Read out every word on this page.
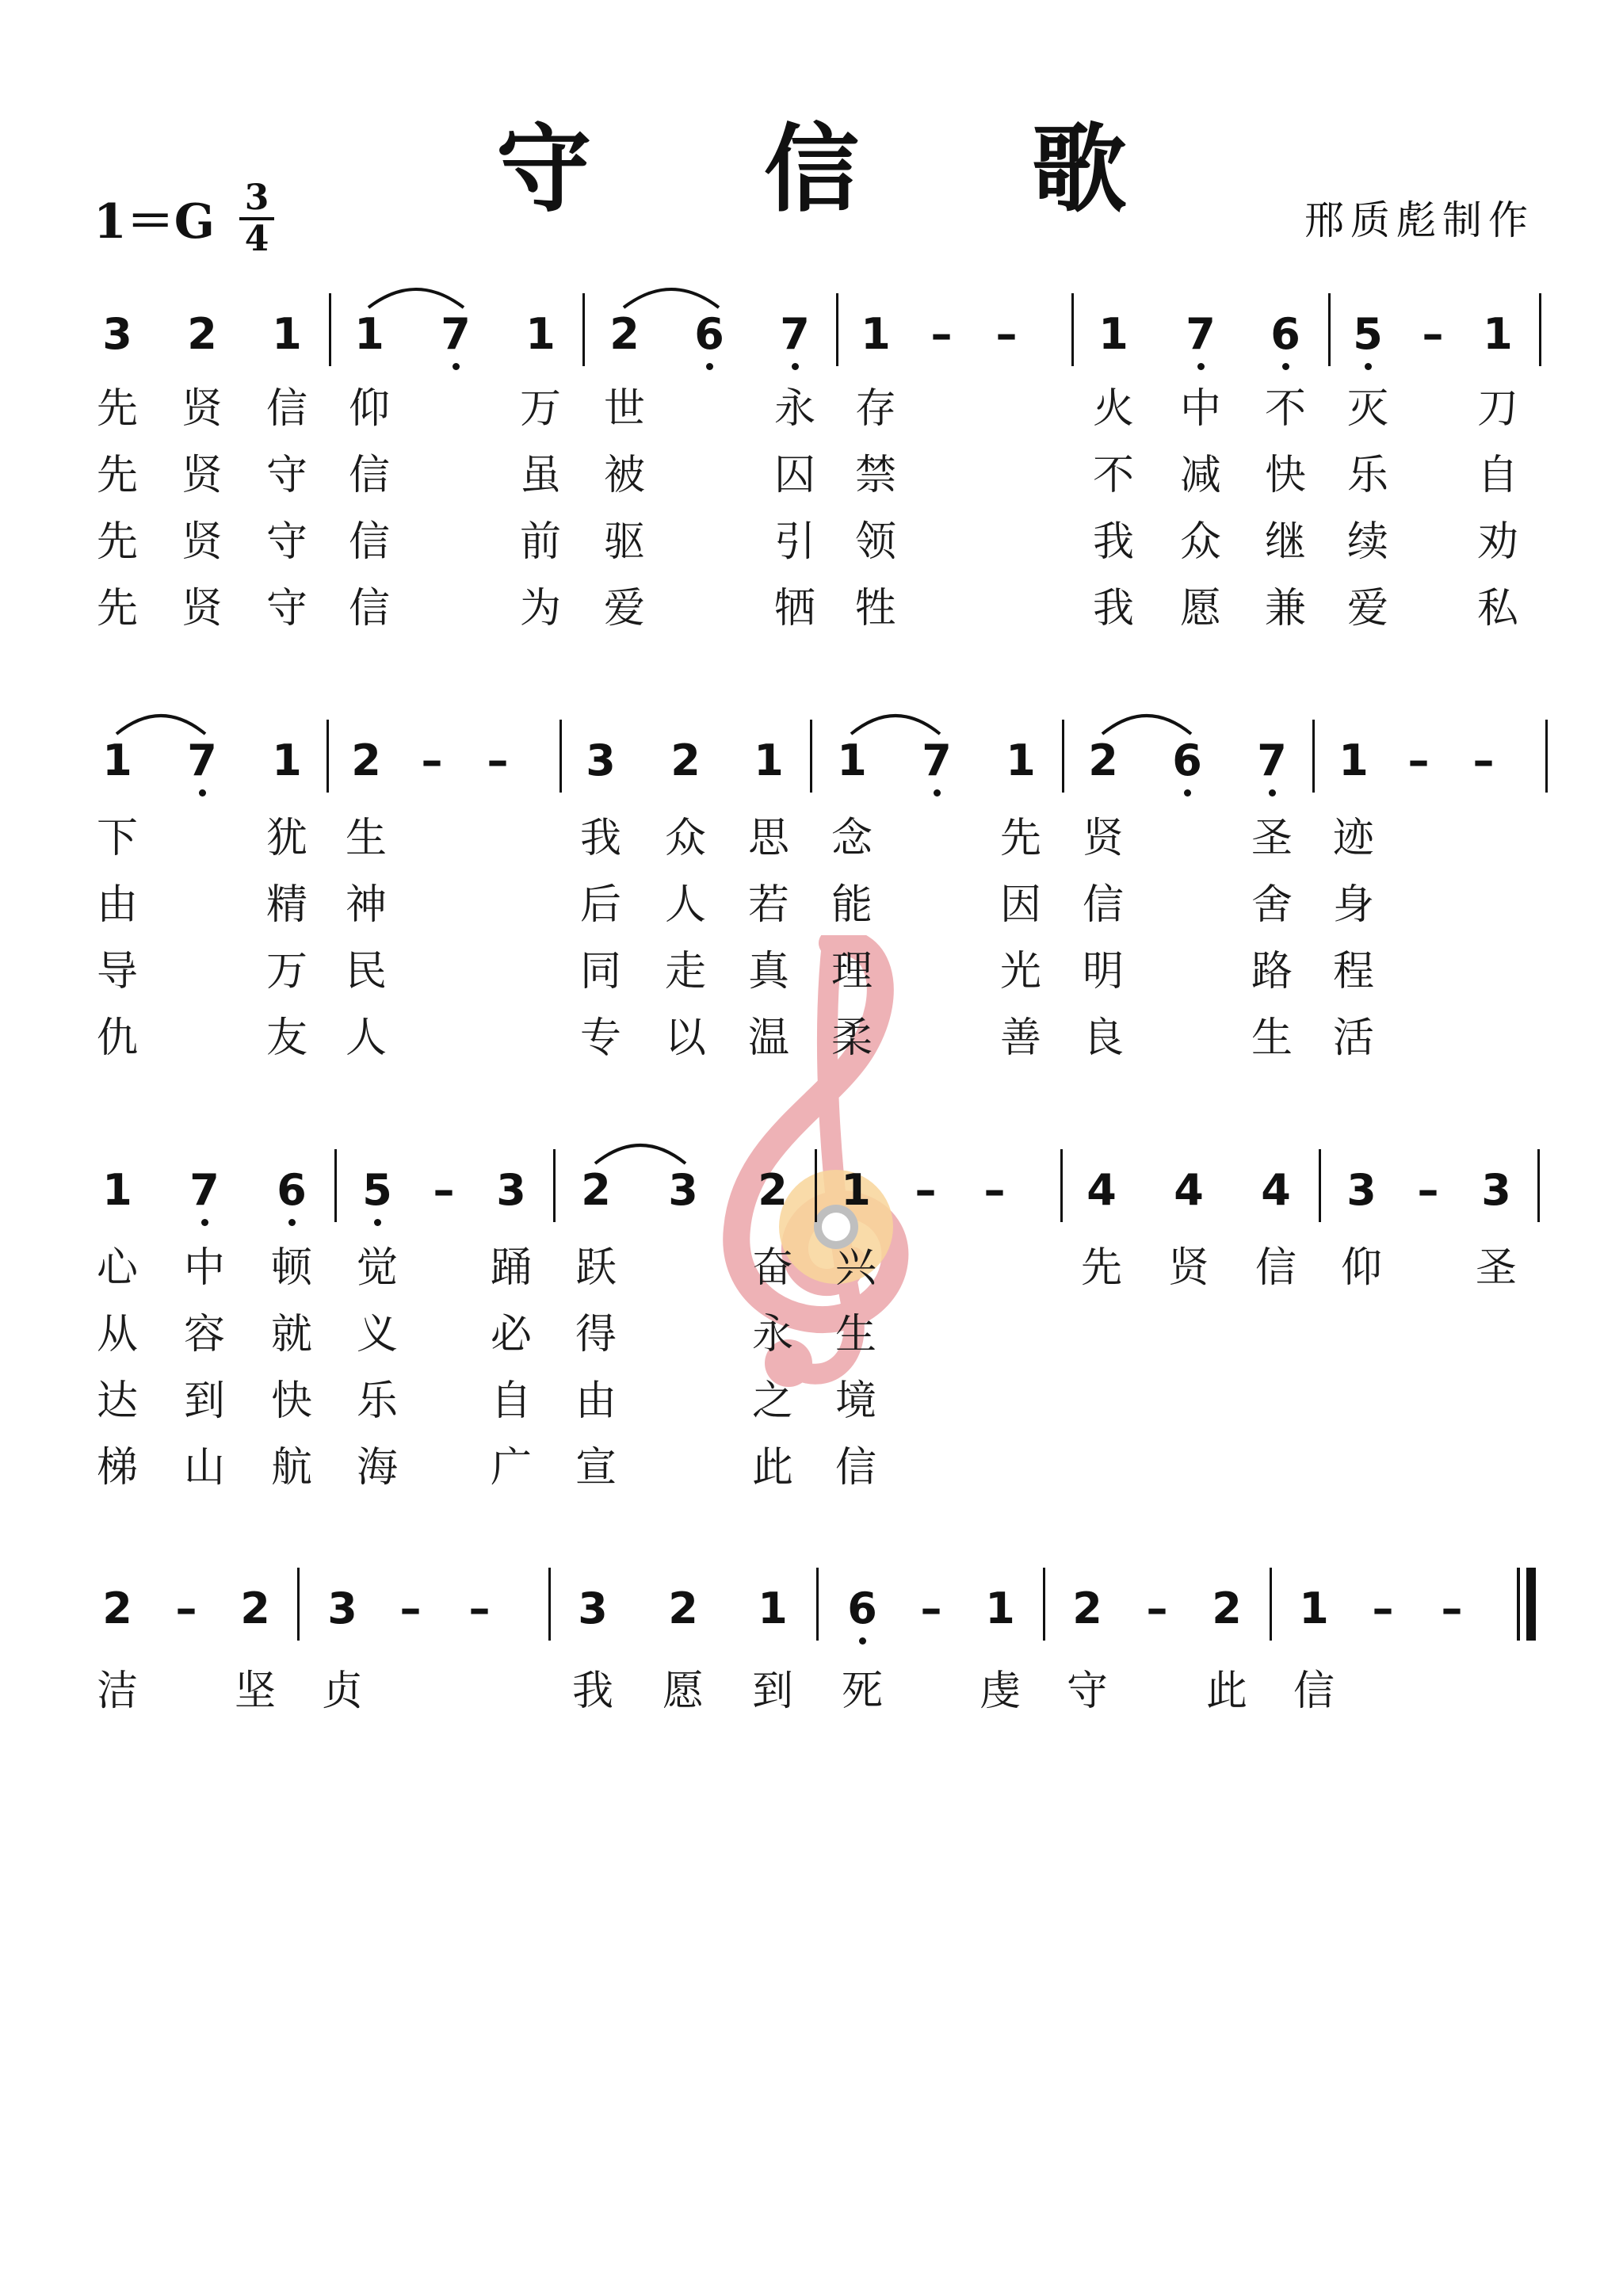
守 信 歌
1＝G 3
4	邢质彪制作
3 2 1 1 7 1 2 6 7 1 –	–	1 7 6 5 – 1
先 贤 信 仰	万 世	永 存	火 中 不 灭 刀
先 贤 守 信	虽 被	囚 禁	不 减 快 乐 自
先 贤 守 信	前 驱	引 领	我 众 继 续 劝
先 贤 守 信	为 爱	牺 牲	我 愿 兼 爱 私
1 7 1 2 –	–	3 2 1 1 7 1 2 6 7 1 –	–
下	犹 生	我 众 思 念	先 贤	圣 迹
由	精 神	后 人 若 能	因 信	舍 身
导	万 民	同 走 真 理	光 明	路 程
仇	友 人	专 以 温 柔	善 良	生 活
1 7 6 5 – 3 2 3 2 1	–	–	4 4 4 3 – 3
心 中 顿 觉 踊 跃	奋 兴	先 贤 信 仰 圣
从 容 就 义 必 得	永 生
达 到 快 乐 自 由	之 境
梯 山 航 海 广 宣	此 信
2	–	2 3 –	–	3 2 1 6	–	1 2	–	2 1	–	–
洁 坚 贞	我 愿 到 死 虔 守 此 信
